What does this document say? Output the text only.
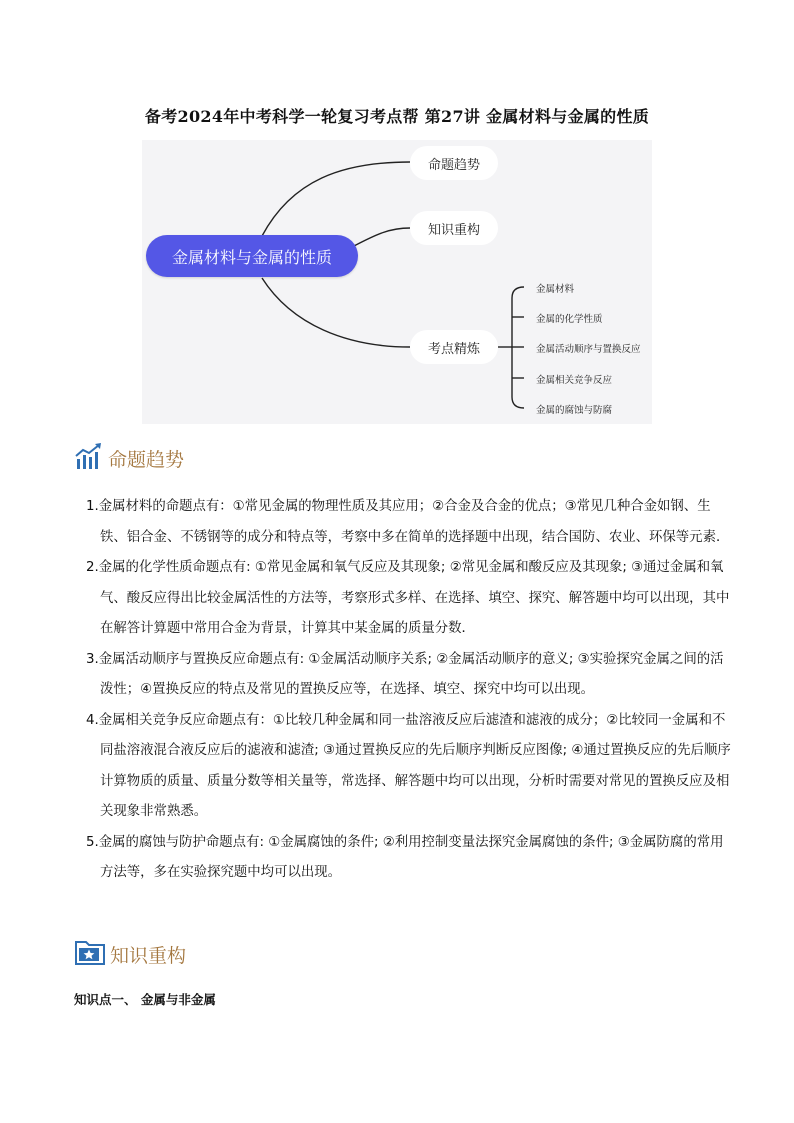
备考2024年中考科学一轮复习考点帮 第27讲 金属材料与金属的性质
金属材料与金属的性质
命题趋势
知识重构
考点精炼
金属材料
金属的化学性质
金属活动顺序与置换反应
金属相关竞争反应
金属的腐蚀与防腐
命题趋势

1.金属材料的命题点有：①常见金属的物理性质及其应用；②合金及合金的优点；③常见几种合金如钢、生铁、铝合金、不锈钢等的成分和特点等，考察中多在简单的选择题中出现，结合国防、农业、环保等元素．

2.金属的化学性质命题点有: ①常见金属和氧气反应及其现象; ②常见金属和酸反应及其现象; ③通过金属和氧气、酸反应得出比较金属活性的方法等，考察形式多样、在选择、填空、探究、解答题中均可以出现，其中在解答计算题中常用合金为背景，计算其中某金属的质量分数．

3.金属活动顺序与置换反应命题点有: ①金属活动顺序关系; ②金属活动顺序的意义; ③实验探究金属之间的活泼性；④置换反应的特点及常见的置换反应等，在选择、填空、探究中均可以出现。

4.金属相关竞争反应命题点有：①比较几种金属和同一盐溶液反应后滤渣和滤液的成分；②比较同一金属和不同盐溶液混合液反应后的滤液和滤渣; ③通过置换反应的先后顺序判断反应图像; ④通过置换反应的先后顺序计算物质的质量、质量分数等相关量等，常选择、解答题中均可以出现，分析时需要对常见的置换反应及相关现象非常熟悉。

5.金属的腐蚀与防护命题点有: ①金属腐蚀的条件; ②利用控制变量法探究金属腐蚀的条件; ③金属防腐的常用方法等，多在实验探究题中均可以出现。

知识重构
知识点一、 金属与非金属
